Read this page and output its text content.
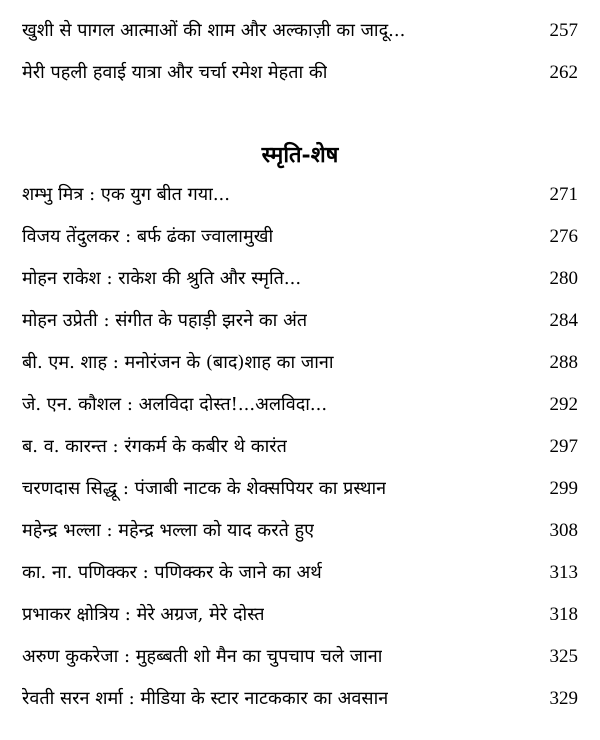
खुशी से पागल आत्माओं की शाम और अल्काज़ी का जादू...	257
मेरी पहली हवाई यात्रा और चर्चा रमेश मेहता की	262
स्मृति-शेष
शम्भु मित्र : एक युग बीत गया...	271
विजय तेंदुलकर : बर्फ ढंका ज्वालामुखी	276
मोहन राकेश : राकेश की श्रुति और स्मृति...	280
मोहन उप्रेती : संगीत के पहाड़ी झरने का अंत	284
बी. एम. शाह : मनोरंजन के (बाद)शाह का जाना	288
जे. एन. कौशल : अलविदा दोस्त!...अलविदा...	292
ब. व. कारन्त : रंगकर्म के कबीर थे कारंत	297
चरणदास सिद्धू : पंजाबी नाटक के शेक्सपियर का प्रस्थान	299
महेन्द्र भल्ला : महेन्द्र भल्ला को याद करते हुए	308
का. ना. पणिक्कर : पणिक्कर के जाने का अर्थ	313
प्रभाकर क्षोत्रिय : मेरे अग्रज, मेरे दोस्त	318
अरुण कुकरेजा : मुहब्बती शो मैन का चुपचाप चले जाना	325
रेवती सरन शर्मा : मीडिया के स्टार नाटककार का अवसान	329
